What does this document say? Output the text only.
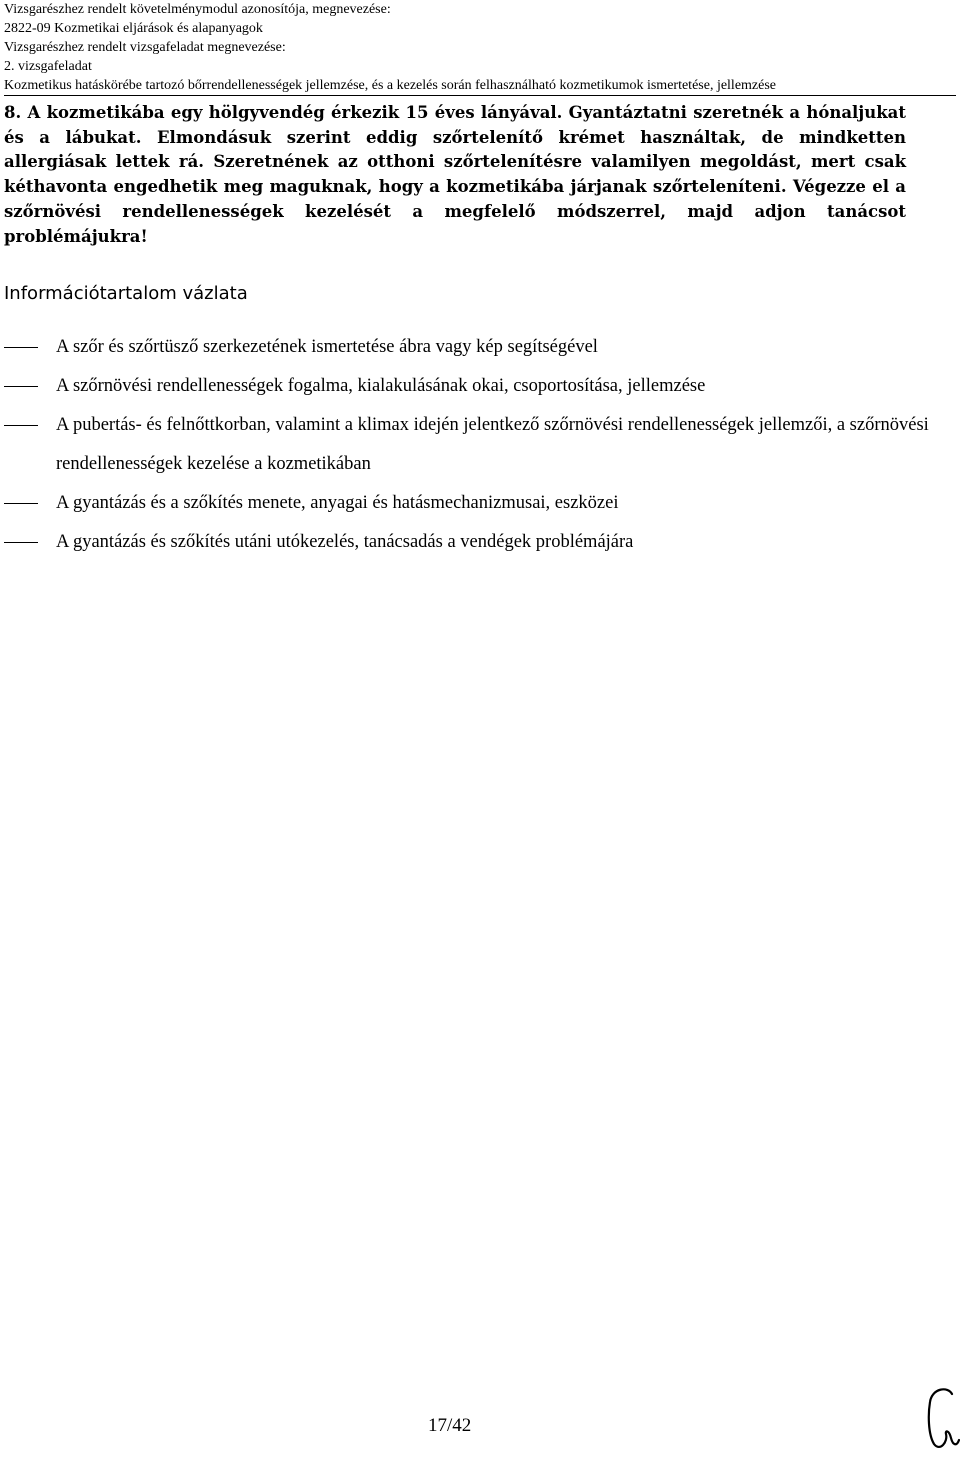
Vizsgarészhez rendelt követelménymodul azonosítója, megnevezése:
2822-09 Kozmetikai eljárások és alapanyagok
Vizsgarészhez rendelt vizsgafeladat megnevezése:
2. vizsgafeladat
Kozmetikus hatáskörébe tartozó bőrrendellenességek jellemzése, és a kezelés során felhasználható kozmetikumok ismertetése, jellemzése

8. A kozmetikába egy hölgyvendég érkezik 15 éves lányával. Gyantáztatni szeretnék a hónaljukat és a lábukat. Elmondásuk szerint eddig szőrtelenítő krémet használtak, de mindketten allergiásak lettek rá. Szeretnének az otthoni szőrtelenítésre valamilyen megoldást, mert csak kéthavonta engedhetik meg maguknak, hogy a kozmetikába járjanak szőrteleníteni. Végezze el a szőrnövési rendellenességek kezelését a megfelelő módszerrel, majd adjon tanácsot problémájukra!

Információtartalom vázlata
A szőr és szőrtüsző szerkezetének ismertetése ábra vagy kép segítségével
A szőrnövési rendellenességek fogalma, kialakulásának okai, csoportosítása, jellemzése
A pubertás- és felnőttkorban, valamint a klimax idején jelentkező szőrnövési rendellenességek jellemzői, a szőrnövési rendellenességek kezelése a kozmetikában
A gyantázás és a szőkítés menete, anyagai és hatásmechanizmusai, eszközei
A gyantázás és szőkítés utáni utókezelés, tanácsadás a vendégek problémájára
17/42
